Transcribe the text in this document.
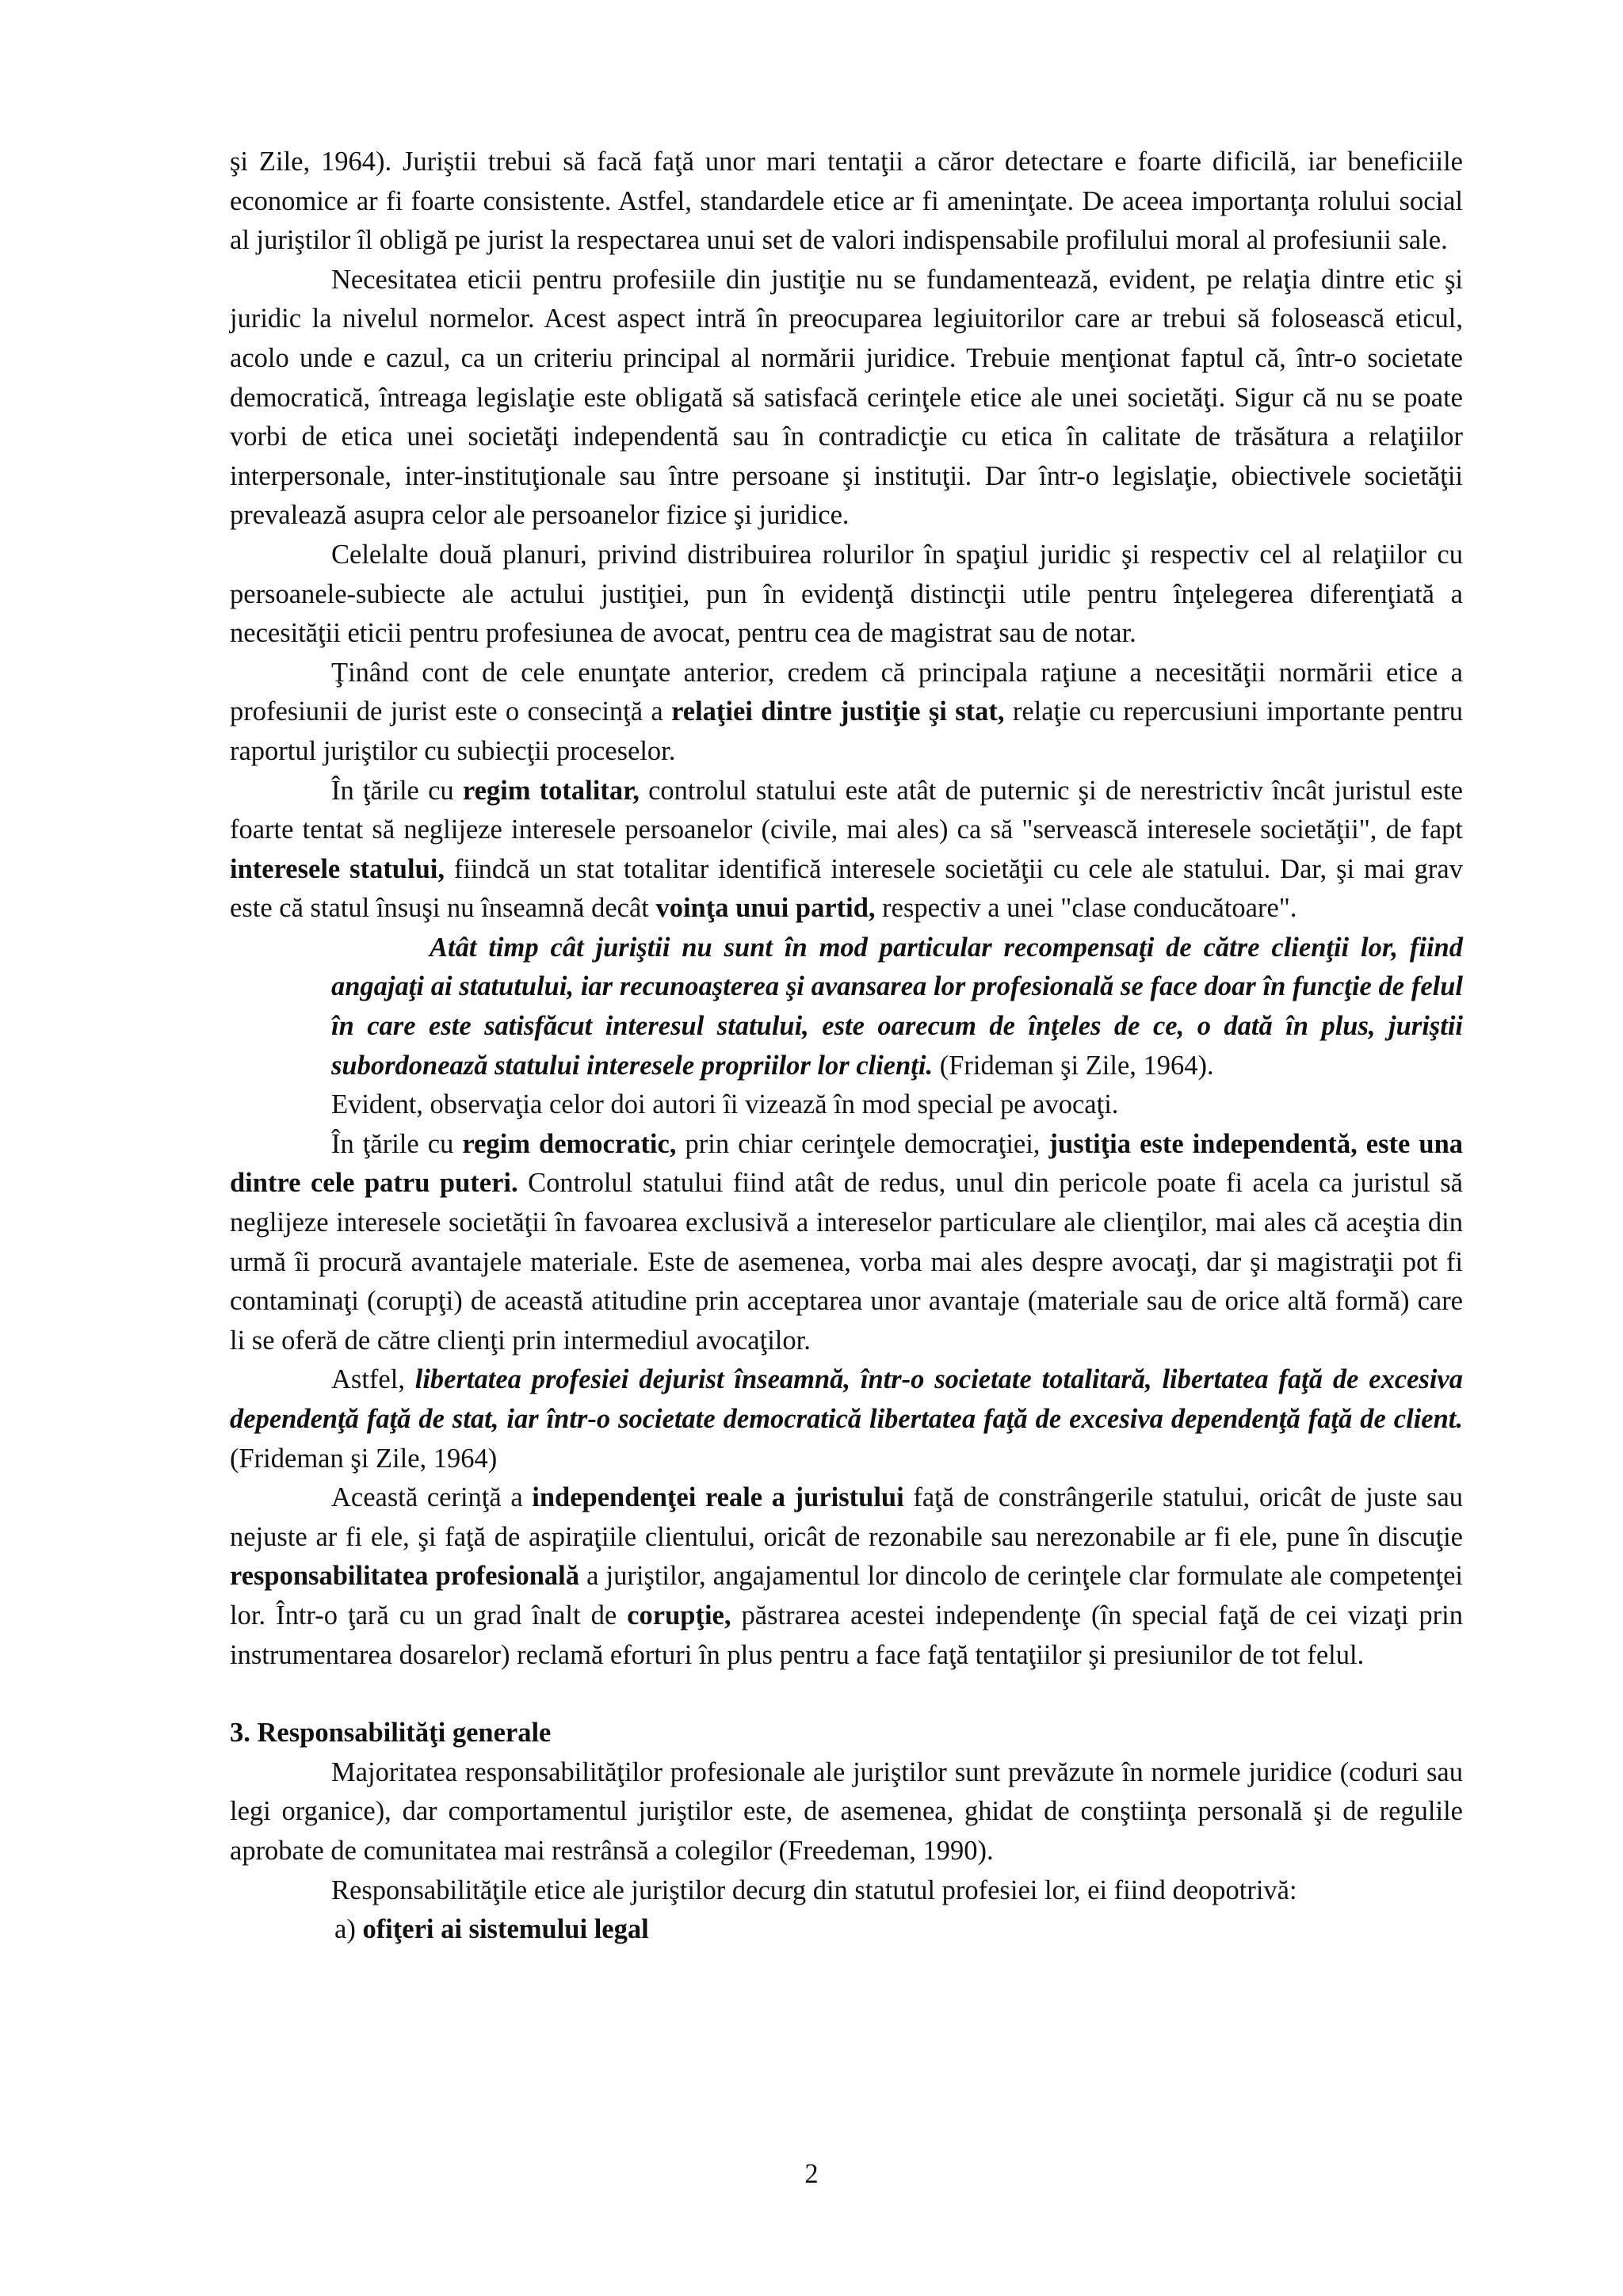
şi Zile, 1964). Juriştii trebui să facă faţă unor mari tentaţii a căror detectare e foarte dificilă, iar beneficiile economice ar fi foarte consistente. Astfel, standardele etice ar fi ameninţate. De aceea importanţa rolului social al juriştilor îl obligă pe jurist la respectarea unui set de valori indispensabile profilului moral al profesiunii sale.

Necesitatea eticii pentru profesiile din justiţie nu se fundamentează, evident, pe relaţia dintre etic şi juridic la nivelul normelor. Acest aspect intră în preocuparea legiuitorilor care ar trebui să folosească eticul, acolo unde e cazul, ca un criteriu principal al normării juridice. Trebuie menţionat faptul că, într-o societate democratică, întreaga legislaţie este obligată să satisfacă cerinţele etice ale unei societăţi. Sigur că nu se poate vorbi de etica unei societăţi independentă sau în contradicţie cu etica în calitate de trăsătura a relaţiilor interpersonale, inter-instituţionale sau între persoane şi instituţii. Dar într-o legislaţie, obiectivele societăţii prevalează asupra celor ale persoanelor fizice şi juridice.

Celelalte două planuri, privind distribuirea rolurilor în spaţiul juridic şi respectiv cel al relaţiilor cu persoanele-subiecte ale actului justiţiei, pun în evidenţă distincţii utile pentru înţelegerea diferenţiată a necesităţii eticii pentru profesiunea de avocat, pentru cea de magistrat sau de notar.

Ţinând cont de cele enunţate anterior, credem că principala raţiune a necesităţii normării etice a profesiunii de jurist este o consecinţă a relaţiei dintre justiţie şi stat, relaţie cu repercusiuni importante pentru raportul juriştilor cu subiecţii proceselor.

În ţările cu regim totalitar, controlul statului este atât de puternic şi de nerestrictiv încât juristul este foarte tentat să neglijeze interesele persoanelor (civile, mai ales) ca să "servească interesele societăţii", de fapt interesele statului, fiindcă un stat totalitar identifică interesele societăţii cu cele ale statului. Dar, şi mai grav este că statul însuşi nu înseamnă decât voinţa unui partid, respectiv a unei "clase conducătoare".

Atât timp cât juriştii nu sunt în mod particular recompensaţi de către clienţii lor, fiind angajaţi ai statutului, iar recunoaşterea şi avansarea lor profesională se face doar în funcţie de felul în care este satisfăcut interesul statului, este oarecum de înţeles de ce, o dată în plus, juriştii subordonează statului interesele propriilor lor clienţi. (Frideman şi Zile, 1964).

Evident, observaţia celor doi autori îi vizează în mod special pe avocaţi.

În ţările cu regim democratic, prin chiar cerinţele democraţiei, justiţia este independentă, este una dintre cele patru puteri. Controlul statului fiind atât de redus, unul din pericole poate fi acela ca juristul să neglijeze interesele societăţii în favoarea exclusivă a intereselor particulare ale clienţilor, mai ales că aceştia din urmă îi procură avantajele materiale. Este de asemenea, vorba mai ales despre avocaţi, dar şi magistraţii pot fi contaminaţi (corupţi) de această atitudine prin acceptarea unor avantaje (materiale sau de orice altă formă) care li se oferă de către clienţi prin intermediul avocaţilor.

Astfel, libertatea profesiei dejurist înseamnă, într-o societate totalitară, libertatea faţă de excesiva dependenţă faţă de stat, iar într-o societate democratică libertatea faţă de excesiva dependenţă faţă de client. (Frideman şi Zile, 1964)

Această cerinţă a independenţei reale a juristului faţă de constrângerile statului, oricât de juste sau nejuste ar fi ele, şi faţă de aspiraţiile clientului, oricât de rezonabile sau nerezonabile ar fi ele, pune în discuţie responsabilitatea profesională a juriştilor, angajamentul lor dincolo de cerinţele clar formulate ale competenţei lor. Într-o ţară cu un grad înalt de corupţie, păstrarea acestei independenţe (în special faţă de cei vizaţi prin instrumentarea dosarelor) reclamă eforturi în plus pentru a face faţă tentaţiilor şi presiunilor de tot felul.

3. Responsabilităţi generale

Majoritatea responsabilităţilor profesionale ale juriştilor sunt prevăzute în normele juridice (coduri sau legi organice), dar comportamentul juriştilor este, de asemenea, ghidat de conştiinţa personală şi de regulile aprobate de comunitatea mai restrânsă a colegilor (Freedeman, 1990).

Responsabilităţile etice ale juriştilor decurg din statutul profesiei lor, ei fiind deopotrivă:

a) ofiţeri ai sistemului legal

2
